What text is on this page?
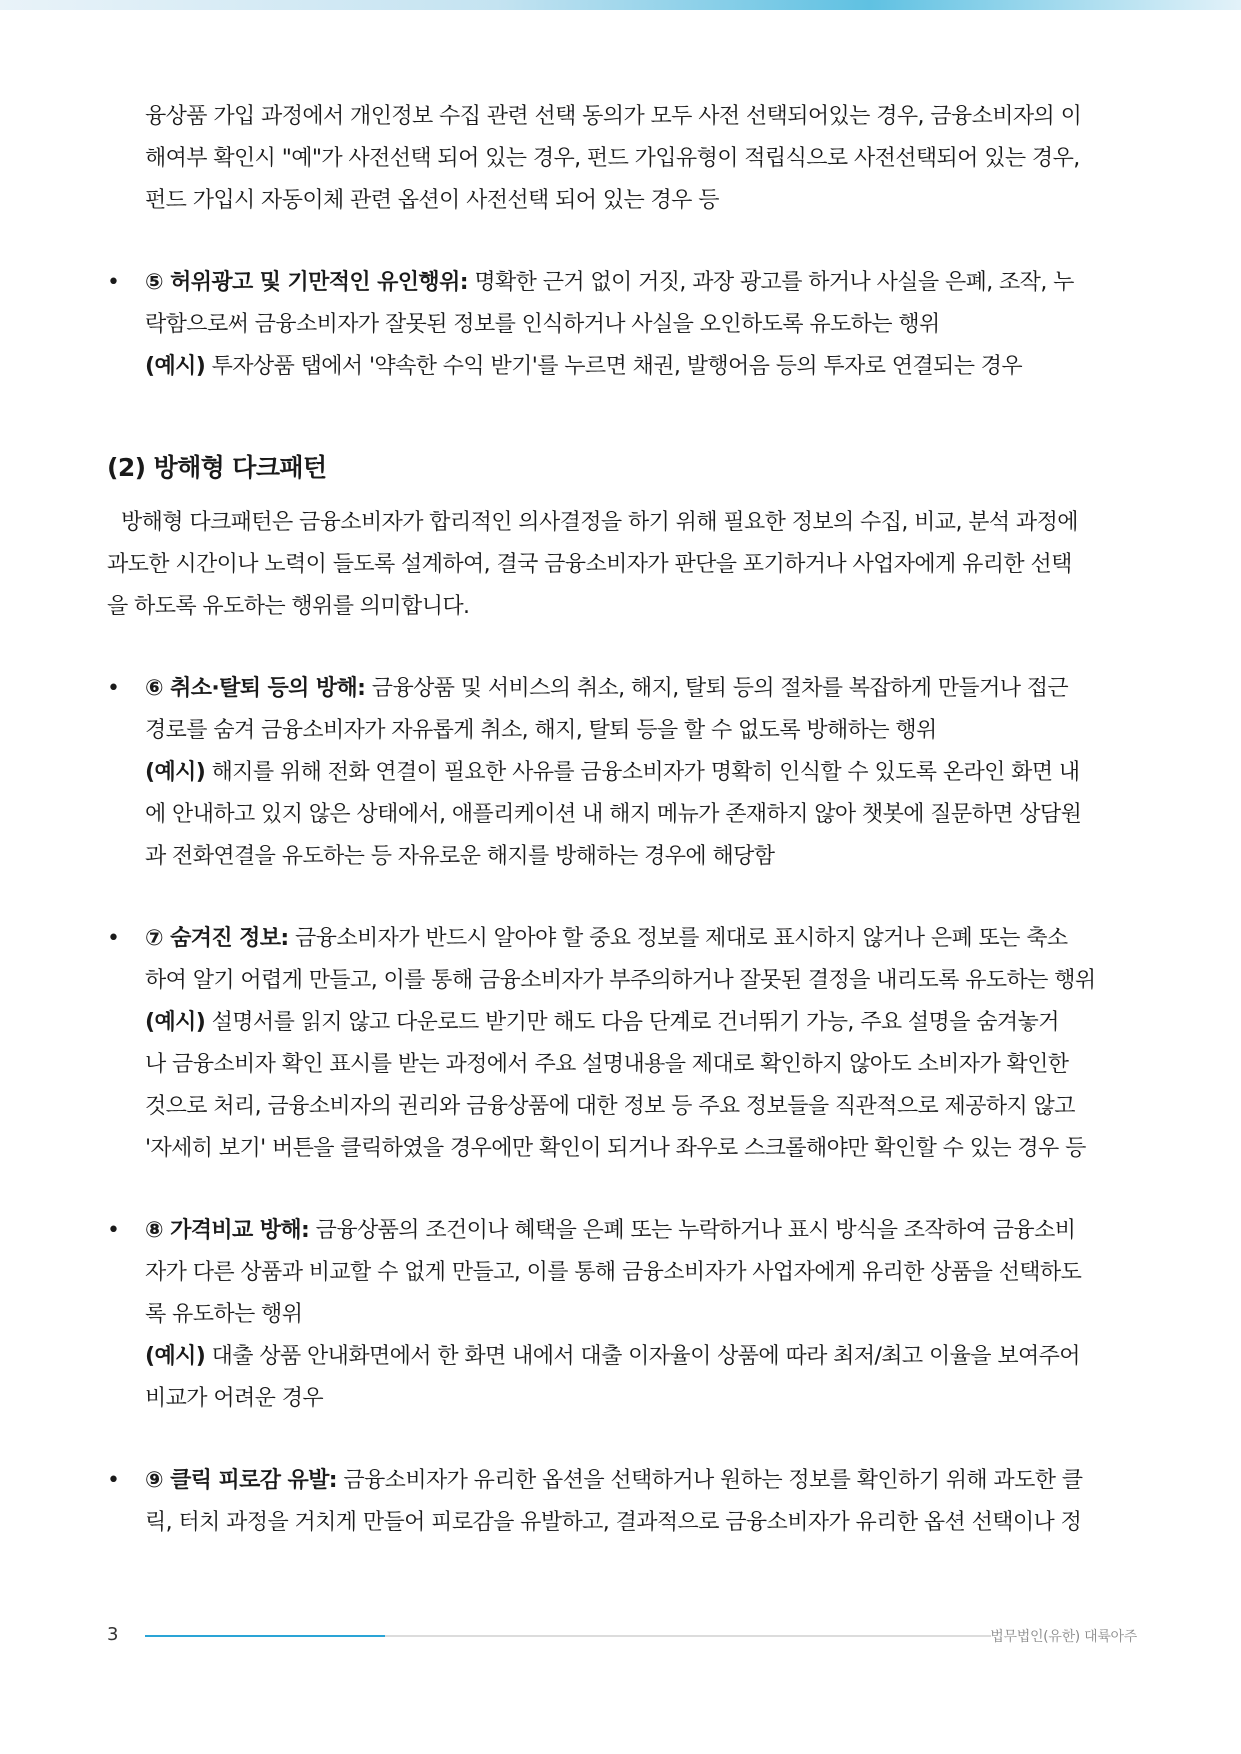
융상품 가입 과정에서 개인정보 수집 관련 선택 동의가 모두 사전 선택되어있는 경우, 금융소비자의 이
해여부 확인시 "예"가 사전선택 되어 있는 경우, 펀드 가입유형이 적립식으로 사전선택되어 있는 경우,
펀드 가입시 자동이체 관련 옵션이 사전선택 되어 있는 경우 등

•	⑤ 허위광고 및 기만적인 유인행위: 명확한 근거 없이 거짓, 과장 광고를 하거나 사실을 은폐, 조작, 누
락함으로써 금융소비자가 잘못된 정보를 인식하거나 사실을 오인하도록 유도하는 행위

(예시) 투자상품 탭에서 '약속한 수익 받기'를 누르면 채권, 발행어음 등의 투자로 연결되는 경우

(2) 방해형 다크패턴

방해형 다크패턴은 금융소비자가 합리적인 의사결정을 하기 위해 필요한 정보의 수집, 비교, 분석 과정에
과도한 시간이나 노력이 들도록 설계하여, 결국 금융소비자가 판단을 포기하거나 사업자에게 유리한 선택
을 하도록 유도하는 행위를 의미합니다.

•	⑥ 취소·탈퇴 등의 방해: 금융상품 및 서비스의 취소, 해지, 탈퇴 등의 절차를 복잡하게 만들거나 접근
경로를 숨겨 금융소비자가 자유롭게 취소, 해지, 탈퇴 등을 할 수 없도록 방해하는 행위

(예시) 해지를 위해 전화 연결이 필요한 사유를 금융소비자가 명확히 인식할 수 있도록 온라인 화면 내
에 안내하고 있지 않은 상태에서, 애플리케이션 내 해지 메뉴가 존재하지 않아 챗봇에 질문하면 상담원
과 전화연결을 유도하는 등 자유로운 해지를 방해하는 경우에 해당함

•	⑦ 숨겨진 정보: 금융소비자가 반드시 알아야 할 중요 정보를 제대로 표시하지 않거나 은폐 또는 축소
하여 알기 어렵게 만들고, 이를 통해 금융소비자가 부주의하거나 잘못된 결정을 내리도록 유도하는 행위

(예시) 설명서를 읽지 않고 다운로드 받기만 해도 다음 단계로 건너뛰기 가능, 주요 설명을 숨겨놓거
나 금융소비자 확인 표시를 받는 과정에서 주요 설명내용을 제대로 확인하지 않아도 소비자가 확인한
것으로 처리, 금융소비자의 권리와 금융상품에 대한 정보 등 주요 정보들을 직관적으로 제공하지 않고
'자세히 보기' 버튼을 클릭하였을 경우에만 확인이 되거나 좌우로 스크롤해야만 확인할 수 있는 경우 등

•	⑧ 가격비교 방해: 금융상품의 조건이나 혜택을 은폐 또는 누락하거나 표시 방식을 조작하여 금융소비
자가 다른 상품과 비교할 수 없게 만들고, 이를 통해 금융소비자가 사업자에게 유리한 상품을 선택하도
록 유도하는 행위

(예시) 대출 상품 안내화면에서 한 화면 내에서 대출 이자율이 상품에 따라 최저/최고 이율을 보여주어
비교가 어려운 경우

•	⑨ 클릭 피로감 유발: 금융소비자가 유리한 옵션을 선택하거나 원하는 정보를 확인하기 위해 과도한 클
릭, 터치 과정을 거치게 만들어 피로감을 유발하고, 결과적으로 금융소비자가 유리한 옵션 선택이나 정

3	법무법인(유한) 대륙아주
